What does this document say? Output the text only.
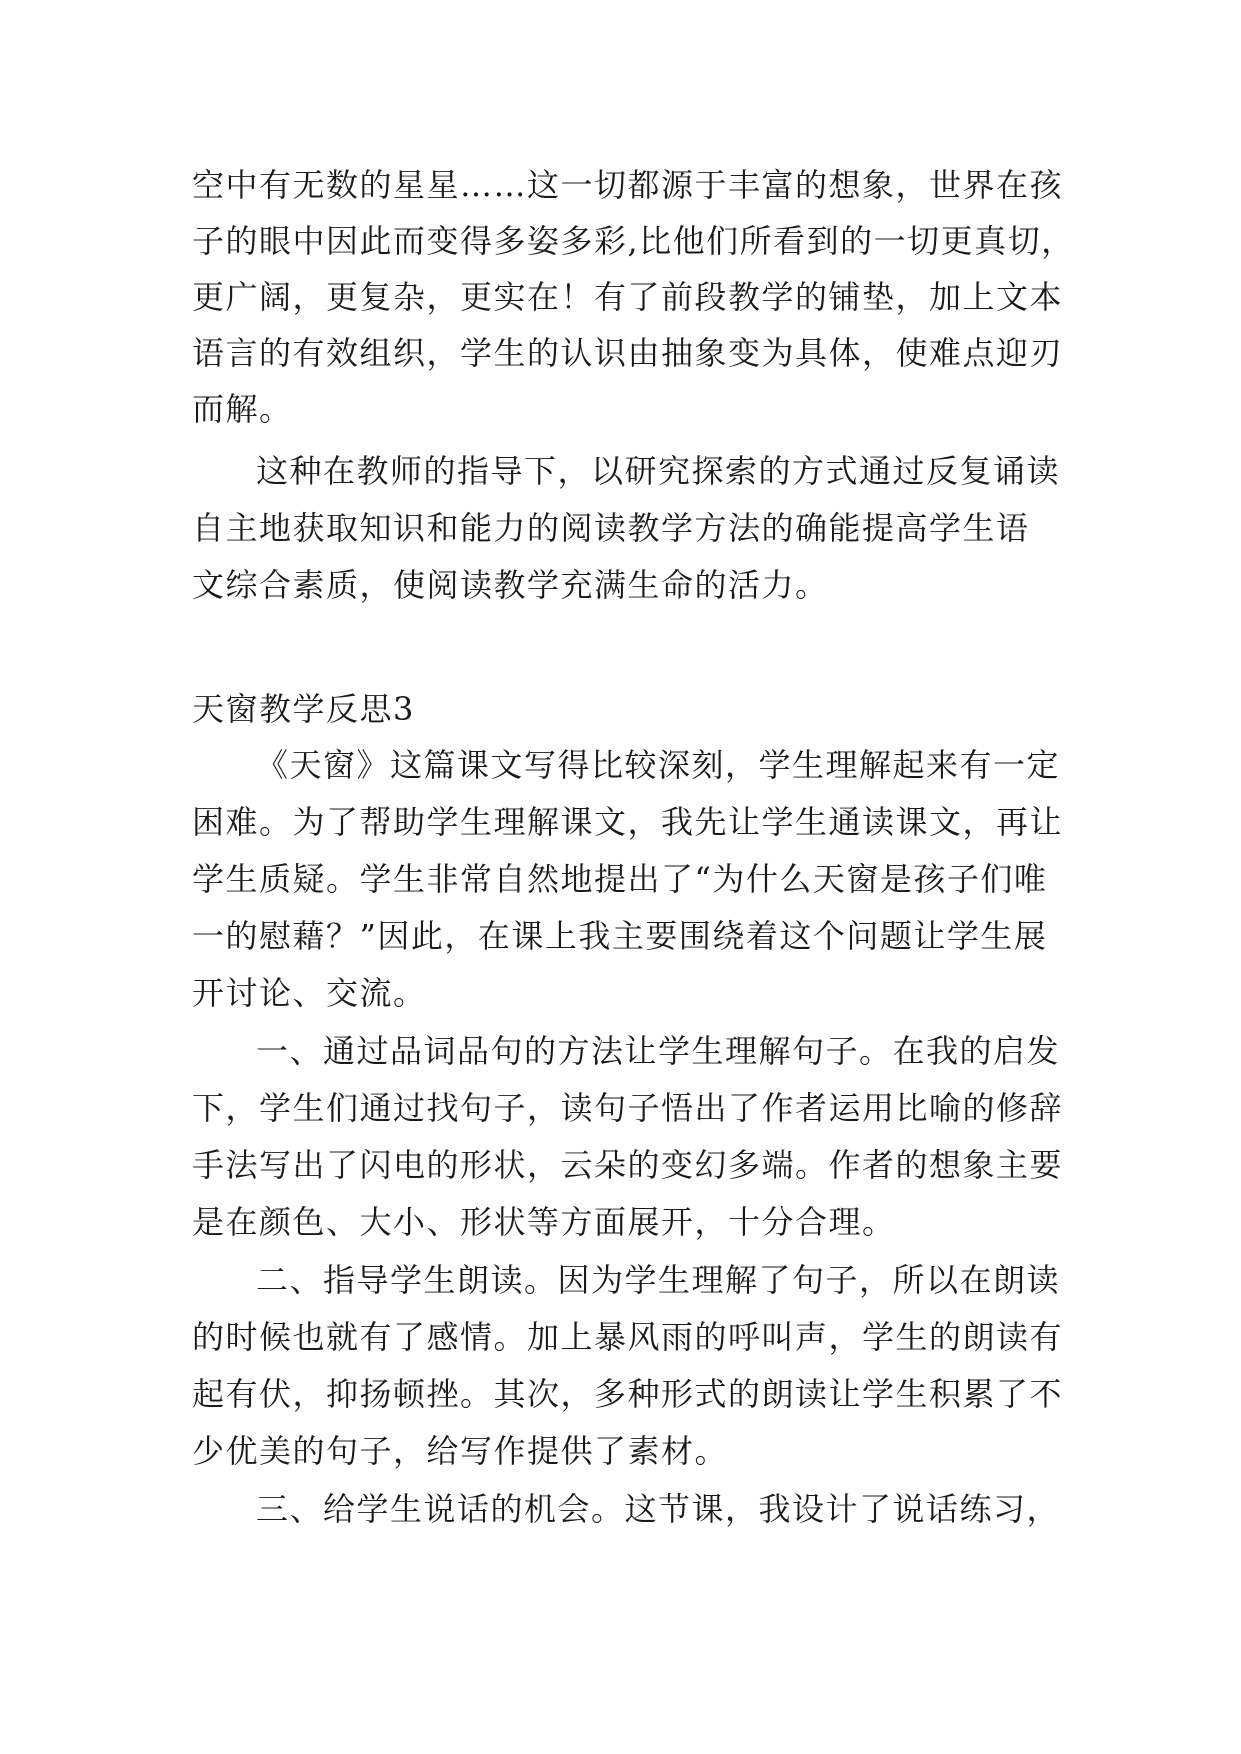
空中有无数的星星……这一切都源于丰富的想象，世界在孩
子的眼中因此而变得多姿多彩,比他们所看到的一切更真切，
更广阔，更复杂，更实在！有了前段教学的铺垫，加上文本
语言的有效组织，学生的认识由抽象变为具体，使难点迎刃
而解。
这种在教师的指导下，以研究探索的方式通过反复诵读
自主地获取知识和能力的阅读教学方法的确能提高学生语
文综合素质，使阅读教学充满生命的活力。
天窗教学反思3
《天窗》这篇课文写得比较深刻，学生理解起来有一定
困难。为了帮助学生理解课文，我先让学生通读课文，再让
学生质疑。学生非常自然地提出了“为什么天窗是孩子们唯
一的慰藉？”因此，在课上我主要围绕着这个问题让学生展
开讨论、交流。
一、通过品词品句的方法让学生理解句子。在我的启发
下，学生们通过找句子，读句子悟出了作者运用比喻的修辞
手法写出了闪电的形状，云朵的变幻多端。作者的想象主要
是在颜色、大小、形状等方面展开，十分合理。
二、指导学生朗读。因为学生理解了句子，所以在朗读
的时候也就有了感情。加上暴风雨的呼叫声，学生的朗读有
起有伏，抑扬顿挫。其次，多种形式的朗读让学生积累了不
少优美的句子，给写作提供了素材。
三、给学生说话的机会。这节课，我设计了说话练习，
